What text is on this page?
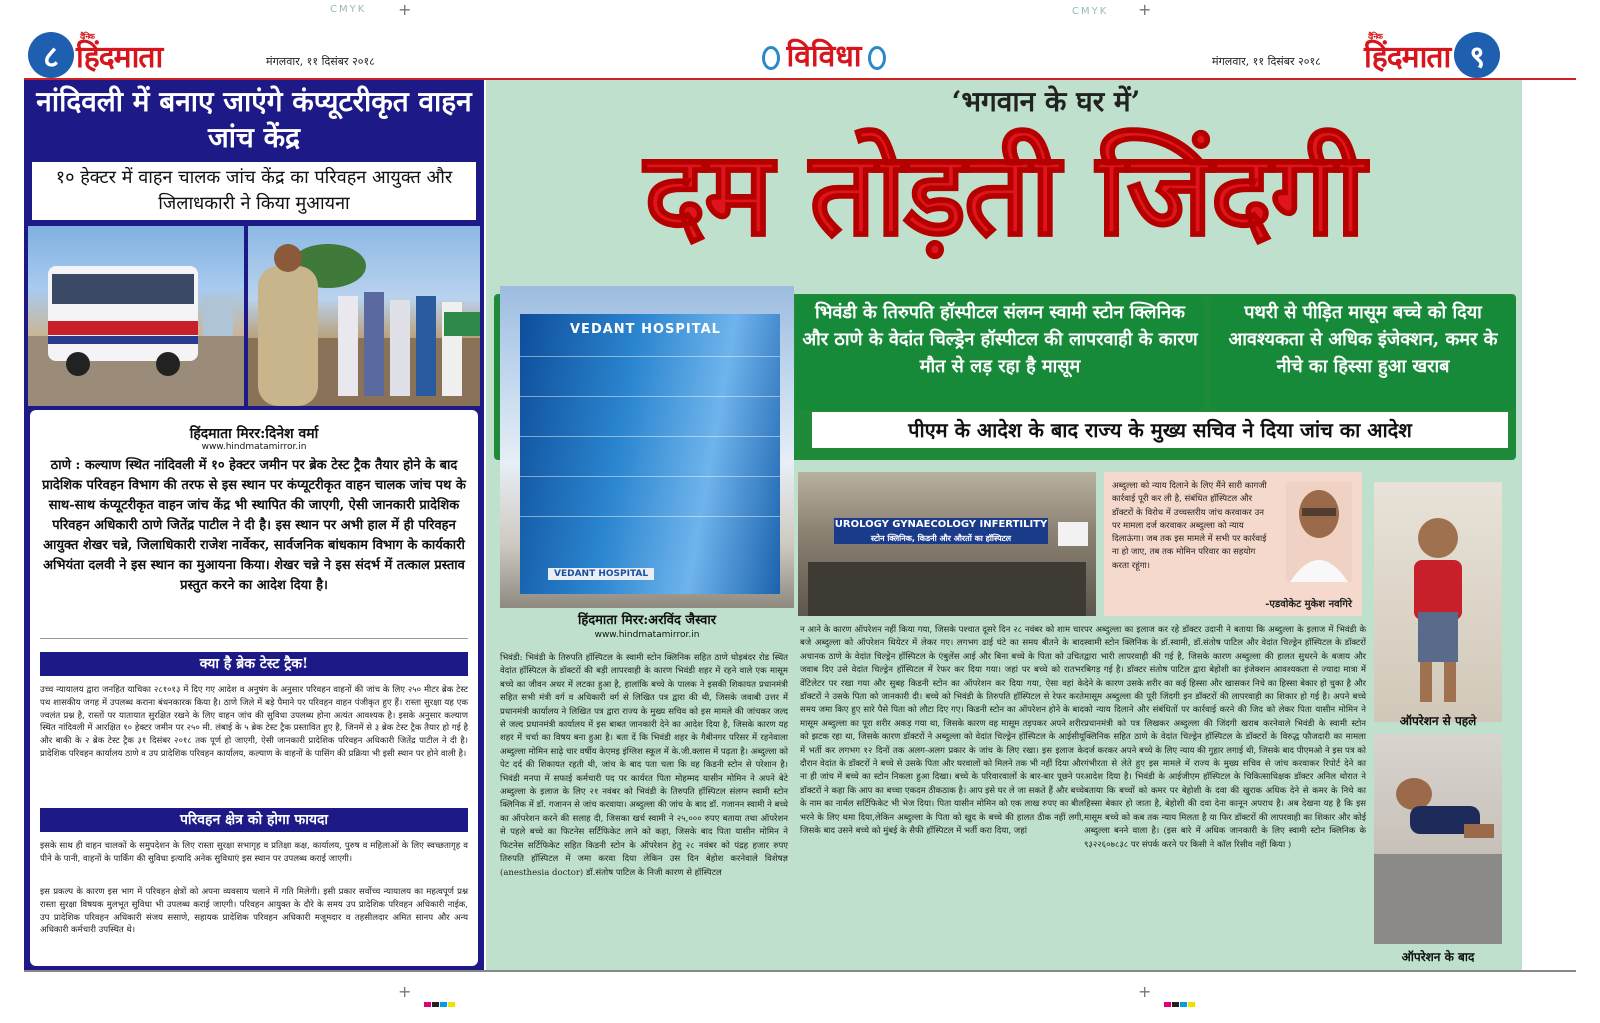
CMYK +	CMYK +
+	+
८
दैनिक
हिंदमाता	मंगलवार, ११ दिसंबर २०१८	विविधा	मंगलवार, ११ दिसंबर २०१८
दैनिक
हिंदमाता ९
नांदिवली में बनाए जाएंगे कंप्यूटरीकृत वाहन जांच केंद्र
१० हेक्टर में वाहन चालक जांच केंद्र का परिवहन आयुक्त और जिलाधकारी ने किया मुआयना
हिंदमाता मिरर:दिनेश वर्मा
www.hindmatamirror.in
ठाणे : कल्याण स्थित नांदिवली में १० हेक्टर जमीन पर ब्रेक टेस्ट ट्रैक तैयार होने के बाद प्रादेशिक परिवहन विभाग की तरफ से इस स्थान पर कंप्यूटरीकृत वाहन चालक जांच पथ के साथ-साथ कंप्यूटरीकृत वाहन जांच केंद्र भी स्थापित की जाएगी, ऐसी जानकारी प्रादेशिक परिवहन अधिकारी ठाणे जितेंद्र पाटील ने दी है। इस स्थान पर अभी हाल में ही परिवहन आयुक्त शेखर चन्ने, जिलाधिकारी राजेश नार्वेकर, सार्वजनिक बांधकाम विभाग के कार्यकारी अभियंता दलवी ने इस स्थान का मुआयना किया। शेखर चन्ने ने इस संदर्भ में तत्काल प्रस्ताव प्रस्तुत करने का आदेश दिया है।
क्या है ब्रेक टेस्ट ट्रैक!
उच्च न्यायालय द्वारा जनहित याचिका २८१०१३ में दिए गए आदेश व अनुषंग के अनुसार परिवहन वाहनों की जांच के लिए २५० मीटर ब्रेक टेस्ट पथ शासकीय जगह में उपलब्ध कराना बंधनकारक किया है। ठाणे जिले में बड़े पैमाने पर परिवहन वाहन पंजीकृत हुए हैं। रास्ता सुरक्षा यह एक ज्वलंत प्रश्न है, रास्तों पर यातायात सुरक्षित रखने के लिए वाहन जांच की सुविधा उपलब्ध होना अत्यंत आवश्यक है। इसके अनुसार कल्याण स्थित नांदिवली में आरक्षित १० हेक्टर जमीन पर २५० मी. लंबाई के ५ ब्रेक टेस्ट ट्रैक प्रस्तावित हुए है, जिनमें से ३ ब्रेक टेस्ट ट्रैक तैयार हो गई है और बाकी के २ ब्रेक टेस्ट ट्रैक ३१ दिसंबर २०१८ तक पूर्ण हो जाएगी, ऐसी जानकारी प्रादेशिक परिवहन अधिकारी जितेंद्र पाटील ने दी है। प्रादेशिक परिवहन कार्यालय ठाणे व उप प्रादेशिक परिवहन कार्यालय, कल्याण के वाहनों के पासिंग की प्रक्रिया भी इसी स्थान पर होने वाली है।
परिवहन क्षेत्र को होगा फायदा
इसके साथ ही वाहन चालकों के समुपदेशन के लिए रास्ता सुरक्षा सभागृह व प्रतिक्षा कक्ष, कार्यालय, पुरुष व महिलाओं के लिए स्वच्छतागृह व पीने के पानी, वाहनों के पार्किंग की सुविधा इत्यादि अनेक सुविधाएं इस स्थान पर उपलब्ध कराई जाएगी।
इस प्रकल्प के कारण इस भाग में परिवहन क्षेत्रों को अपना व्यवसाय चलाने में गति मिलेगी। इसी प्रकार सर्वोच्च न्यायालय का महत्वपूर्ण प्रश्न रास्ता सुरक्षा विषयक मुलभूत सुविधा भी उपलब्ध कराई जाएगी। परिवहन आयुक्त के दौरे के समय उप प्रादेशिक परिवहन अधिकारी नाईक, उप प्रादेशिक परिवहन अधिकारी संजय ससाणे, सहायक प्रादेशिक परिवहन अधिकारी मजूमदार व तहसीलदार अमित सानप और अन्य अधिकारी कर्मचारी उपस्थित थे।
‘भगवान के घर में’
दम तोड़ती जिंदगी
भिवंडी के तिरुपति हॉस्पीटल संलग्न स्वामी स्टोन क्लिनिक और ठाणे के वेदांत चिल्ड्रेन हॉस्पीटल की लापरवाही के कारण मौत से लड़ रहा है मासूम
पथरी से पीड़ित मासूम बच्चे को दिया आवश्यकता से अधिक इंजेक्शन, कमर के नीचे का हिस्सा हुआ खराब
पीएम के आदेश के बाद राज्य के मुख्य सचिव ने दिया जांच का आदेश
VEDANT HOSPITAL
VEDANT HOSPITAL
हिंदमाता मिरर:अरविंद जैस्वार
www.hindmatamirror.in
UROLOGY GYNAECOLOGY INFERTILITY
स्टोन क्लिनिक, किडनी और औरतों का हॉस्पिटल
अब्दुल्ला को न्याय दिलाने के लिए मैंने सारी कागजी कार्रवाई पूरी कर ली है, संबंधित हॉस्पिटल और डॉक्टरों के विरोध में उच्चस्तरीय जांच करवाकर उन पर मामला दर्ज करवाकर अब्दुल्ला को न्याय दिलाऊंगा। जब तक इस मामले में सभी पर कार्रवाई ना हो जाए, तब तक मोमिन परिवार का सहयोग करता रहूंगा।
-एडवोकेट मुकेश नवगिरे
ऑपरेशन से पहले
ऑपरेशन के बाद
भिवंडी: भिवंडी के तिरुपति हॉस्पिटल के स्वामी स्टोन क्लिनिक सहित ठाणे घोड़बंदर रोड स्थित वेदांत हॉस्पिटल के डॉक्टरों की बड़ी लापरवाही के कारण भिवंडी शहर में रहने वाले एक मासूम बच्चे का जीवन अधर में लटका हुआ है, हालांकि बच्चे के पालक ने इसकी शिकायत प्रधानमंत्री सहित सभी मंत्री वर्ग व अधिकारी वर्ग से लिखित पत्र द्वारा की थी, जिसके जवाबी उत्तर में प्रधानमंत्री कार्यालय ने लिखित पत्र द्वारा राज्य के मुख्य सचिव को इस मामले की जांचकर जल्द से जल्द प्रधानमंत्री कार्यालय में इस बाबत जानकारी देने का आदेश दिया है, जिसके कारण यह शहर में चर्चा का विषय बना हुआ है। बता दें कि भिवंडी शहर के गैबीनगर परिसर में रहनेवाला अब्दुल्ला मोमिन साढ़े चार वर्षीय केएमइ इंग्लिश स्कूल में के.जी.क्लास में पढ़ता है। अब्दुल्ला को पेट दर्द की शिकायत रहती थी, जांच के बाद पता चला कि वह किडनी स्टोन से परेशान है। भिवंडी मनपा में सफाई कर्मचारी पद पर कार्यरत पिता मोहम्मद यासीन मोमिन ने अपने बेटे अब्दुल्ला के इलाज के लिए २१ नवंबर को भिवंडी के तिरुपति हॉस्पिटल संलग्न स्वामी स्टोन क्लिनिक में डॉ. गजानन से जांच करवाया। अब्दुल्ला की जांच के बाद डॉ. गजानन स्वामी ने बच्चे का ऑपरेशन करने की सलाह दी, जिसका खर्च स्वामी ने २५,००० रुपए बताया तथा ऑपरेशन से पहले बच्चे का फिटनेस सर्टिफिकेट लाने को कहा, जिसके बाद पिता यासीन मोमिन ने फिटनेस सर्टिफिकेट सहित किडनी स्टोन के ऑपरेशन हेतु २८ नवंबर को पंद्रह हजार रुपए तिरुपति हॉस्पिटल में जमा करवा दिया लेकिन उस दिन बेहोश करनेवाले विशेषज्ञ (anesthesia doctor) डॉ.संतोष पाटिल के निजी कारण से हॉस्पिटल
न आने के कारण ऑपरेशन नहीं किया गया, जिसके पश्चात दूसरे दिन २८ नवंबर को शाम चार बजे अब्दुल्ला को ऑपरेशन थियेटर में लेकर गए। लगभग ढाई घंटे का समय बीतने के बाद अचानक ठाणे के वेदांत चिल्ड्रेन हॉस्पिटल के एंबुलेंस आई और बिना बच्चे के पिता को उचित जवाब दिए उसे वेदांत चिल्ड्रेन हॉस्पिटल में रेफर कर दिया गया। जहां पर बच्चे को रातभर वेंटिलेटर पर रखा गया और सुबह किडनी स्टोन का ऑपरेशन कर दिया गया, ऐसा वहां के डॉक्टरों ने उसके पिता को जानकारी दी। बच्चे को भिवंडी के तिरुपति हॉस्पिटल से रेफर करते समय जमा किए हुए सारे पैसे पिता को लौटा दिए गए। किडनी स्टोन का ऑपरेशन होने के बाद मासूम अब्दुल्ला का पूरा शरीर अकड़ गया था, जिसके कारण वह मासूम तड़पकर अपने शरीर को झटक रहा था, जिसके कारण डॉक्टरों ने अब्दुल्ला को वेदांत चिल्ड्रेन हॉस्पिटल के आईसीयू में भर्ती कर लगभग १२ दिनों तक अलग-अलग प्रकार के जांच के लिए रखा। इस इलाज के दौरान वेदांत के डॉक्टरों ने बच्चे से उसके पिता और घरवालों को मिलने तक भी नहीं दिया और ना ही जांच में बच्चे का स्टोन निकला हुआ दिखा। बच्चे के परिवारवालों के बार-बार पूछने पर डॉक्टरों ने कहा कि आप का बच्चा एकदम ठीकठाक है। आप इसे घर ले जा सकते हैं और बच्चे के नाम का नार्मल सर्टिफिकेट भी भेज दिया। पिता यासीन मोमिन को एक लाख रुपए का बील भरने के लिए थमा दिया,लेकिन अब्दुल्ला के पिता को खुद के बच्चे की हालत ठीक नहीं लगी, जिसके बाद उसने बच्चे को मुंबई के सैफी हॉस्पिटल में भर्ती करा दिया, जहां
पर अब्दुल्ला का इलाज कर रहे डॉक्टर उदानी ने बताया कि अब्दुल्ला के इलाज में भिवंडी के स्वामी स्टोन क्लिनिक के डॉ.स्वामी, डॉ.संतोष पाटिल और वेदांत चिल्ड्रेन हॉस्पिटल के डॉक्टरों द्वारा भारी लापरवाही की गई है, जिसके कारण अब्दुल्ला की हालत सुधरने के बजाय और बिगड़ गई है। डॉक्टर संतोष पाटिल द्वारा बेहोशी का इंजेक्शन आवश्यकता से ज्यादा मात्रा में देने के कारण उसके शरीर का कई हिस्सा और खासकर निचे का हिस्सा बेकार हो चुका है और मासूम अब्दुल्ला की पूरी जिंदगी इन डॉक्टरों की लापरवाही का शिकार हो गई है। अपने बच्चे को न्याय दिलाने और संबंधितों पर कार्रवाई करने की जिद को लेकर पिता यासीन मोमिन ने प्रधानमंत्री को पत्र लिखकर अब्दुल्ला की जिंदगी खराब करनेवाले भिवंडी के स्वामी स्टोन क्लिनिक सहित ठाणे के वेदांत चिल्ड्रेन हॉस्पिटल के डॉक्टरों के विरुद्ध फौजदारी का मामला दर्ज करकर अपने बच्चे के लिए न्याय की गुहार लगाई थी, जिसके बाद पीएमओ ने इस पत्र को गंभीरता से लेते हुए इस मामले में राज्य के मुख्य सचिव से जांच करवाकर रिपोर्ट देने का आदेश दिया है। भिवंडी के आईजीएम हॉस्पिटल के चिकित्साधिक्षक डॉक्टर अनिल थोरात ने बताया कि बच्चों को कमर पर बेहोशी के दवा की खुराक अधिक देने से कमर के निचे का हिस्सा बेकार हो जाता है, बेहोशी की दवा देना कानून अपराध है। अब देखना यह है कि इस मासूम बच्चे को कब तक न्याय मिलता है या फिर डॉक्टरों की लापरवाही का शिकार और कोई अब्दुल्ला बनने वाला है। (इस बारे में अधिक जानकारी के लिए स्वामी स्टोन क्लिनिक के ९३२२६०७८३८ पर संपर्क करने पर किसी ने कॉल रिसीव नहीं किया )
